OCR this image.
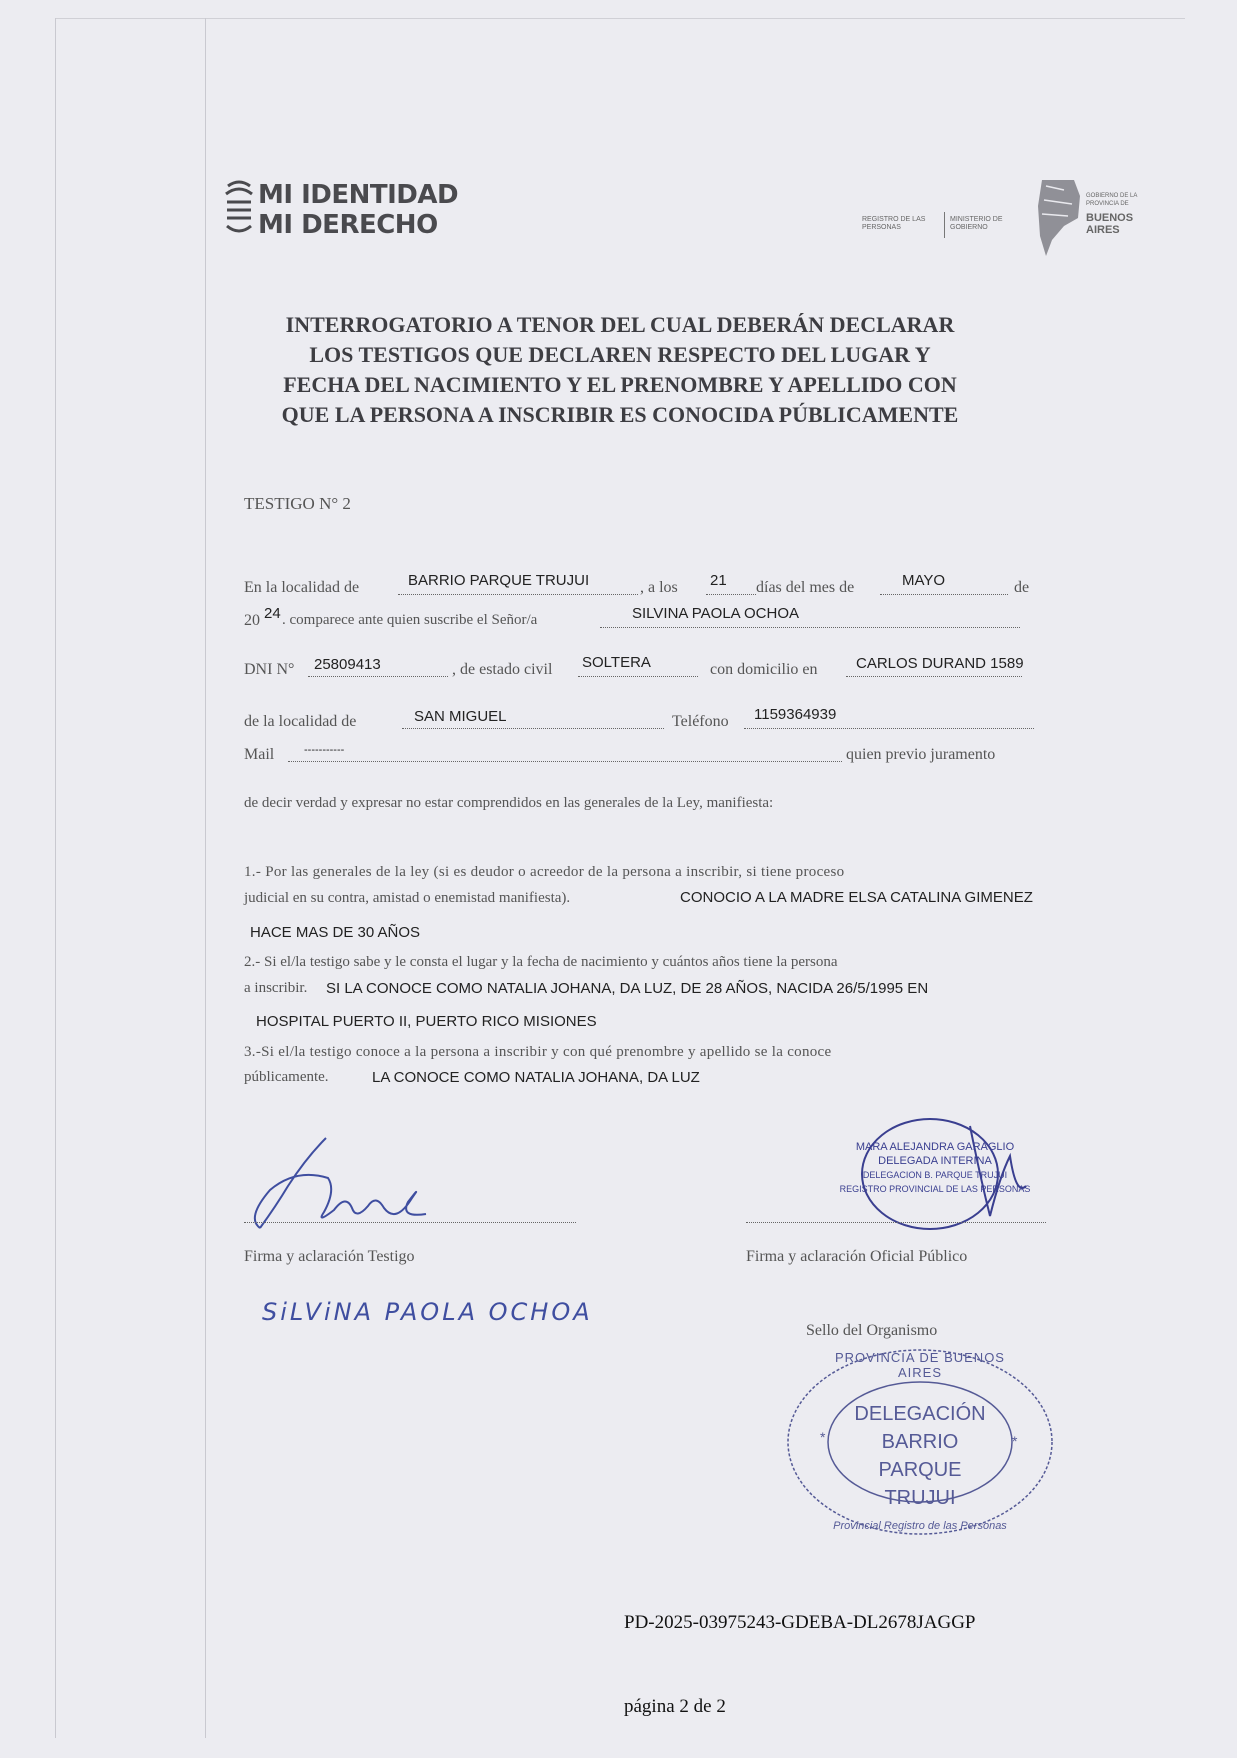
MI IDENTIDAD
MI DERECHO	REGISTRO DE LAS PERSONAS
MINISTERIO DE GOBIERNO
GOBIERNO DE LA PROVINCIA DE
BUENOS AIRES
INTERROGATORIO A TENOR DEL CUAL DEBERÁN DECLARAR
LOS TESTIGOS QUE DECLAREN RESPECTO DEL LUGAR Y
FECHA DEL NACIMIENTO Y EL PRENOMBRE Y APELLIDO CON
QUE LA PERSONA A INSCRIBIR ES CONOCIDA PÚBLICAMENTE
TESTIGO N° 2
En la localidad de	BARRIO PARQUE TRUJUI	, a los 21 días del mes de	MAYO	de
20 24 . comparece ante quien suscribe el Señor/a	SILVINA PAOLA OCHOA
DNI N° 25809413	, de estado civil SOLTERA	con domicilio en	CARLOS DURAND 1589
de la localidad de	SAN MIGUEL	Teléfono 1159364939
Mail	-----------	quien previo juramento
de decir verdad y expresar no estar comprendidos en las generales de la Ley, manifiesta:
1.- Por las generales de la ley (si es deudor o acreedor de la persona a inscribir, si tiene proceso
judicial en su contra, amistad o enemistad manifiesta).	CONOCIO A LA MADRE ELSA CATALINA GIMENEZ
HACE MAS DE 30 AÑOS
2.- Si el/la testigo sabe y le consta el lugar y la fecha de nacimiento y cuántos años tiene la persona
a inscribir. SI LA CONOCE COMO NATALIA JOHANA, DA LUZ, DE 28 AÑOS, NACIDA 26/5/1995 EN
HOSPITAL PUERTO II, PUERTO RICO MISIONES
3.-Si el/la testigo conoce a la persona a inscribir y con qué prenombre y apellido se la conoce
públicamente.	LA CONOCE COMO NATALIA JOHANA, DA LUZ
Firma y aclaración Testigo
SiLViNA PAOLA OCHOA
MARA ALEJANDRA GARAGLIO
DELEGADA INTERINA
DELEGACION B. PARQUE TRUJUI
REGISTRO PROVINCIAL DE LAS PERSONAS
Firma y aclaración Oficial Público
Sello del Organismo
*	*
PROVINCIA DE BUENOS AIRES
Provincial Registro de las Personas
DELEGACIÓN
BARRIO PARQUE
TRUJUI
PD-2025-03975243-GDEBA-DL2678JAGGP
página 2 de 2
